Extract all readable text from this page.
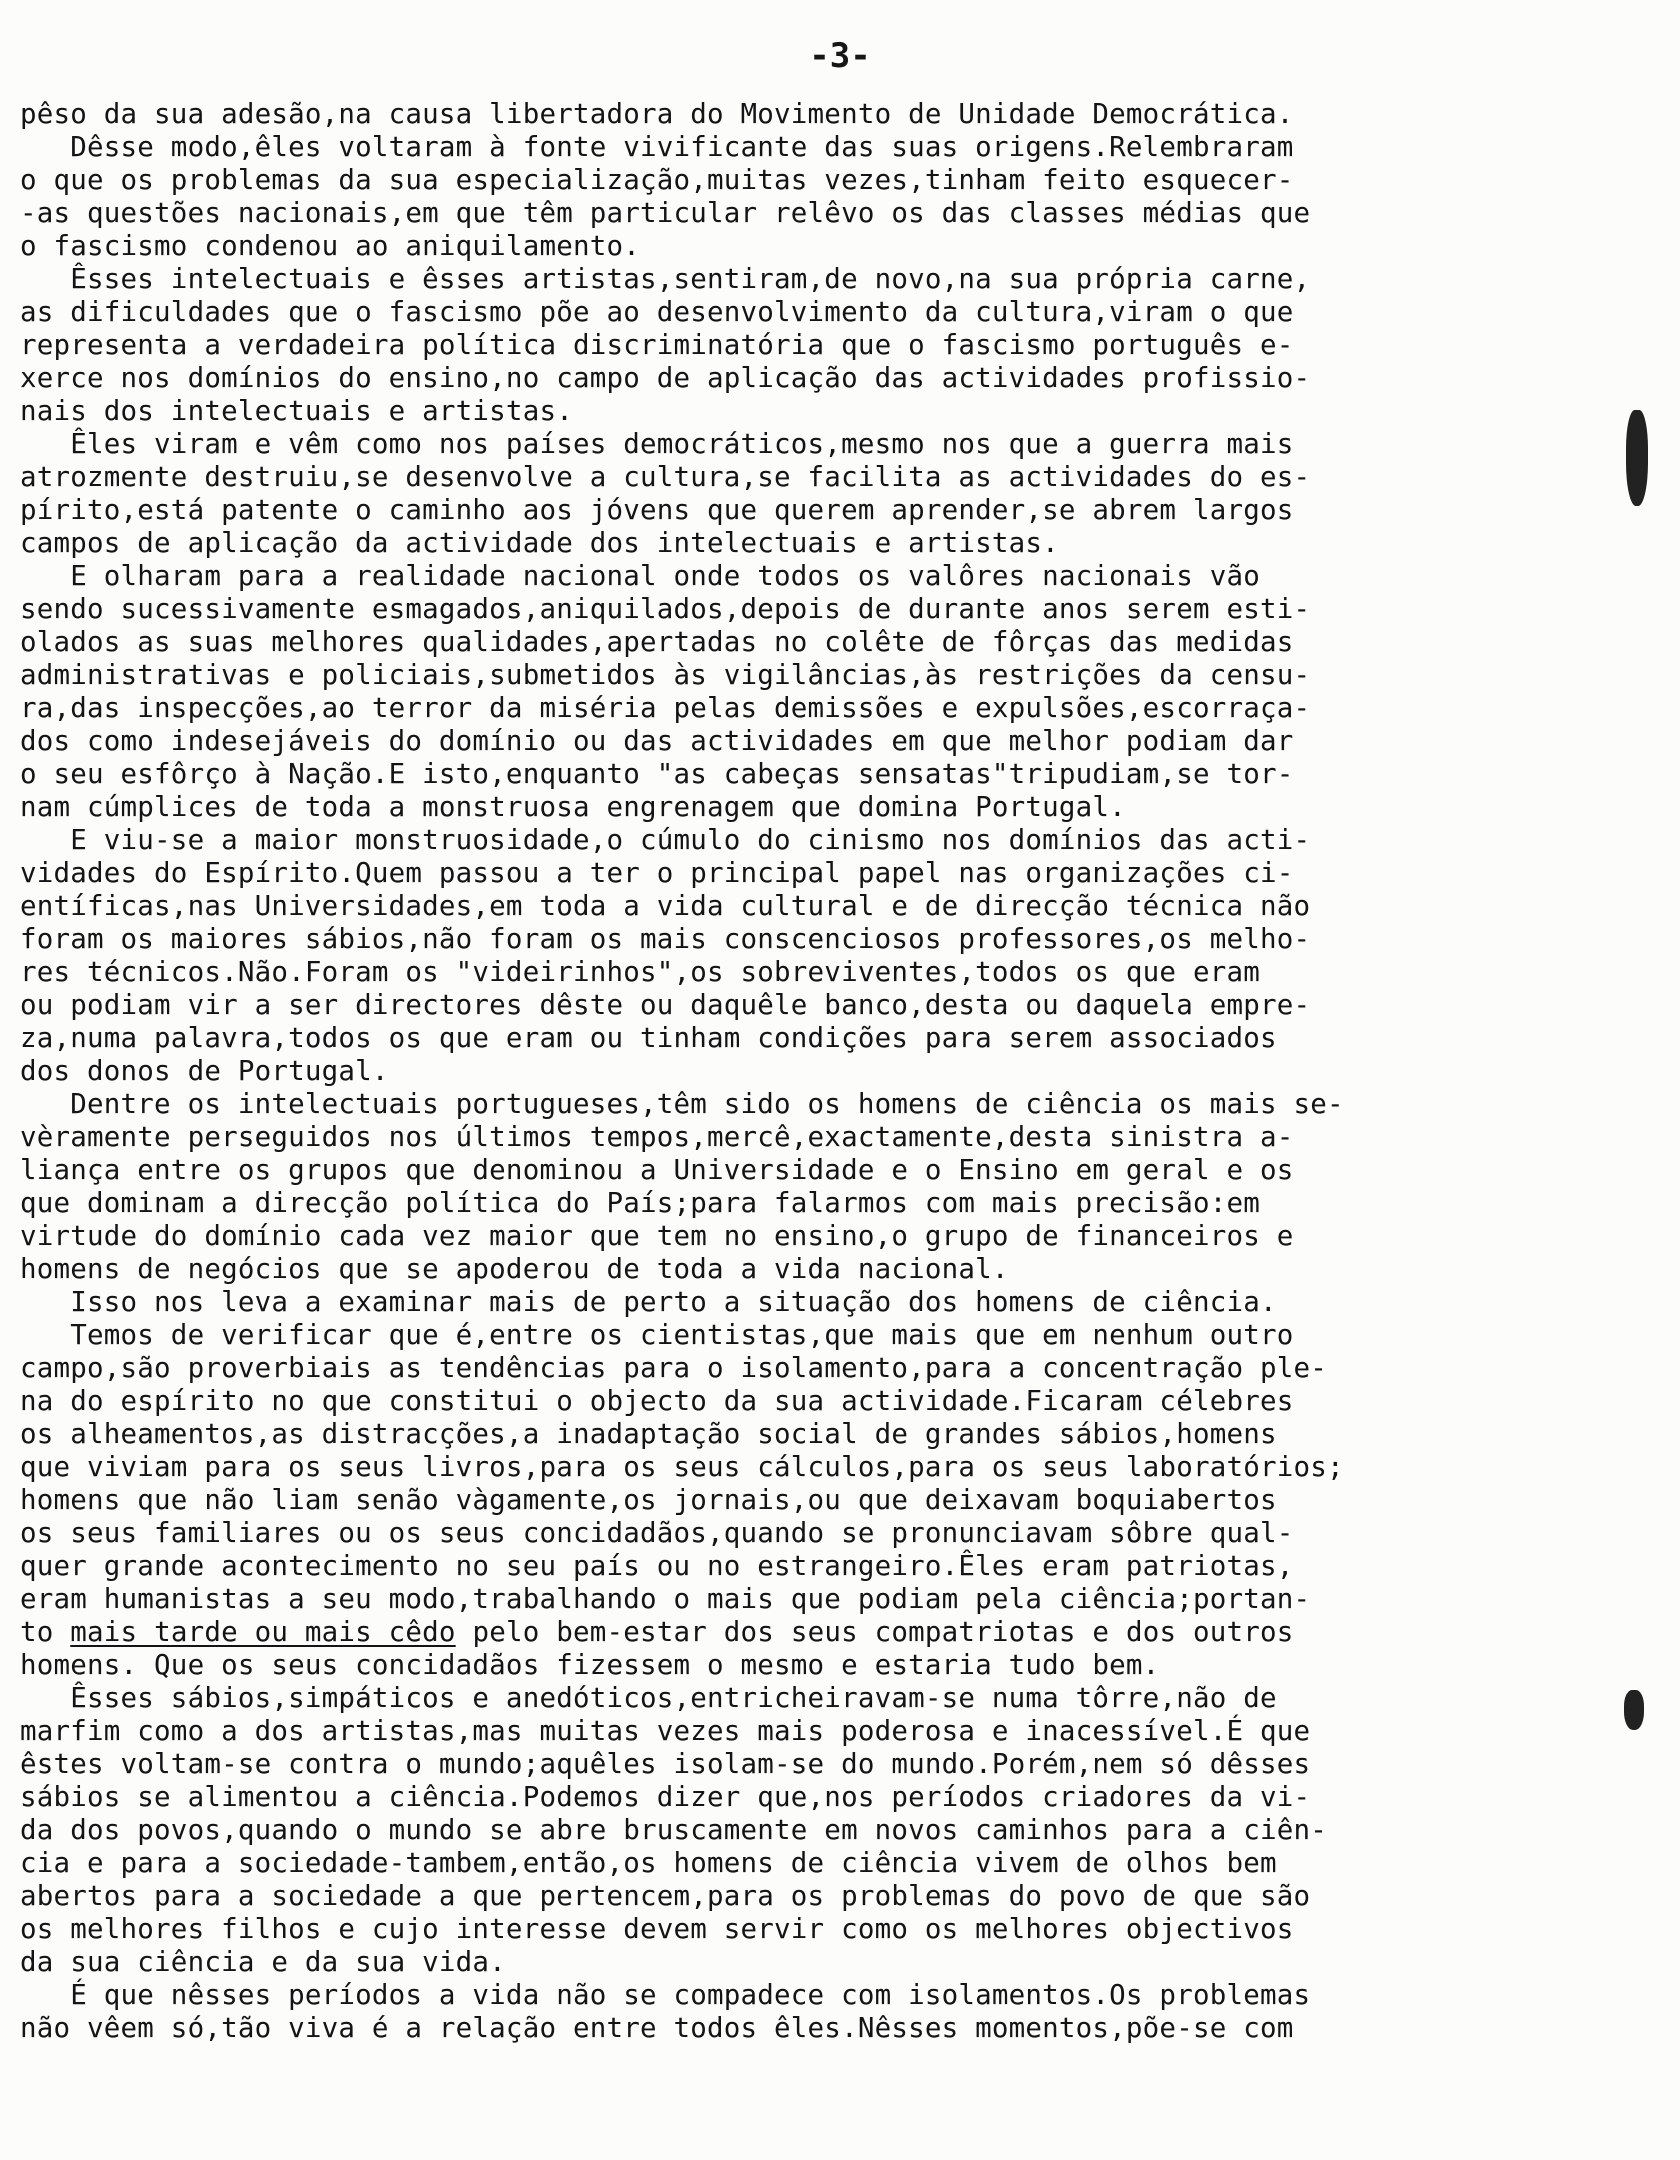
-3-
pêso da sua adesão,na causa libertadora do Movimento de Unidade Democrática.
Dêsse modo,êles voltaram à fonte vivificante das suas origens.Relembraram
o que os problemas da sua especialização,muitas vezes,tinham feito esquecer-
-as questões nacionais,em que têm particular relêvo os das classes médias que
o fascismo condenou ao aniquilamento.
Êsses intelectuais e êsses artistas,sentiram,de novo,na sua própria carne,
as dificuldades que o fascismo põe ao desenvolvimento da cultura,viram o que
representa a verdadeira política discriminatória que o fascismo português e-
xerce nos domínios do ensino,no campo de aplicação das actividades profissio-
nais dos intelectuais e artistas.
Êles viram e vêm como nos países democráticos,mesmo nos que a guerra mais
atrozmente destruiu,se desenvolve a cultura,se facilita as actividades do es-
pírito,está patente o caminho aos jóvens que querem aprender,se abrem largos
campos de aplicação da actividade dos intelectuais e artistas.
E olharam para a realidade nacional onde todos os valôres nacionais vão
sendo sucessivamente esmagados,aniquilados,depois de durante anos serem esti-
olados as suas melhores qualidades,apertadas no colête de fôrças das medidas
administrativas e policiais,submetidos às vigilâncias,às restrições da censu-
ra,das inspecções,ao terror da miséria pelas demissões e expulsões,escorraça-
dos como indesejáveis do domínio ou das actividades em que melhor podiam dar
o seu esfôrço à Nação.E isto,enquanto "as cabeças sensatas"tripudiam,se tor-
nam cúmplices de toda a monstruosa engrenagem que domina Portugal.
E viu-se a maior monstruosidade,o cúmulo do cinismo nos domínios das acti-
vidades do Espírito.Quem passou a ter o principal papel nas organizações ci-
entíficas,nas Universidades,em toda a vida cultural e de direcção técnica não
foram os maiores sábios,não foram os mais conscenciosos professores,os melho-
res técnicos.Não.Foram os "videirinhos",os sobreviventes,todos os que eram
ou podiam vir a ser directores dêste ou daquêle banco,desta ou daquela empre-
za,numa palavra,todos os que eram ou tinham condições para serem associados
dos donos de Portugal.
Dentre os intelectuais portugueses,têm sido os homens de ciência os mais se-
vèramente perseguidos nos últimos tempos,mercê,exactamente,desta sinistra a-
liança entre os grupos que denominou a Universidade e o Ensino em geral e os
que dominam a direcção política do País;para falarmos com mais precisão:em
virtude do domínio cada vez maior que tem no ensino,o grupo de financeiros e
homens de negócios que se apoderou de toda a vida nacional.
Isso nos leva a examinar mais de perto a situação dos homens de ciência.
Temos de verificar que é,entre os cientistas,que mais que em nenhum outro
campo,são proverbiais as tendências para o isolamento,para a concentração ple-
na do espírito no que constitui o objecto da sua actividade.Ficaram célebres
os alheamentos,as distracções,a inadaptação social de grandes sábios,homens
que viviam para os seus livros,para os seus cálculos,para os seus laboratórios;
homens que não liam senão vàgamente,os jornais,ou que deixavam boquiabertos
os seus familiares ou os seus concidadãos,quando se pronunciavam sôbre qual-
quer grande acontecimento no seu país ou no estrangeiro.Êles eram patriotas,
eram humanistas a seu modo,trabalhando o mais que podiam pela ciência;portan-
to mais tarde ou mais cêdo pelo bem-estar dos seus compatriotas e dos outros
homens. Que os seus concidadãos fizessem o mesmo e estaria tudo bem.
Êsses sábios,simpáticos e anedóticos,entricheiravam-se numa tôrre,não de
marfim como a dos artistas,mas muitas vezes mais poderosa e inacessível.É que
êstes voltam-se contra o mundo;aquêles isolam-se do mundo.Porém,nem só dêsses
sábios se alimentou a ciência.Podemos dizer que,nos períodos criadores da vi-
da dos povos,quando o mundo se abre bruscamente em novos caminhos para a ciên-
cia e para a sociedade-tambem,então,os homens de ciência vivem de olhos bem
abertos para a sociedade a que pertencem,para os problemas do povo de que são
os melhores filhos e cujo interesse devem servir como os melhores objectivos
da sua ciência e da sua vida.
É que nêsses períodos a vida não se compadece com isolamentos.Os problemas
não vêem só,tão viva é a relação entre todos êles.Nêsses momentos,põe-se com
